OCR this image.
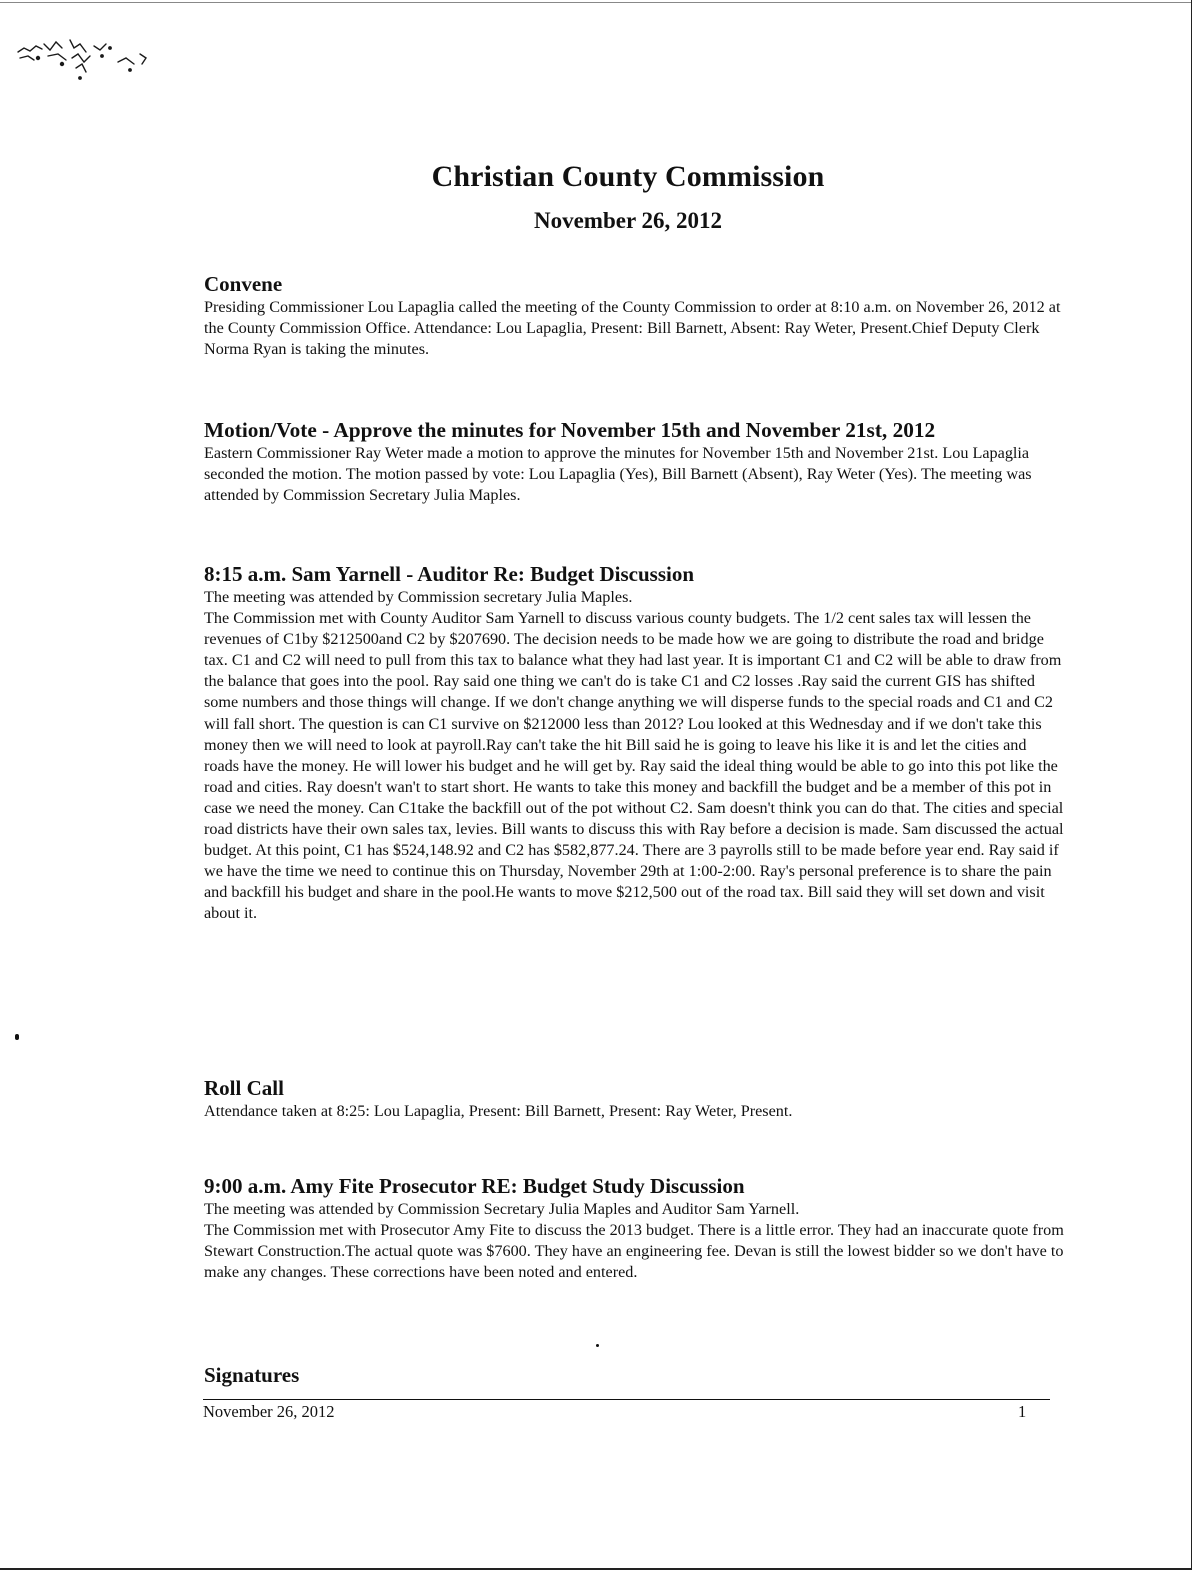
Christian County Commission
November 26, 2012
Convene

Presiding Commissioner Lou Lapaglia called the meeting of the County Commission to order at 8:10 a.m. on November 26, 2012 at the County Commission Office. Attendance: Lou Lapaglia, Present: Bill Barnett, Absent: Ray Weter, Present.Chief Deputy Clerk Norma Ryan is taking the minutes.

Motion/Vote - Approve the minutes for November 15th and November 21st, 2012

Eastern Commissioner Ray Weter made a motion to approve the minutes for November 15th and November 21st. Lou Lapaglia seconded the motion. The motion passed by vote: Lou Lapaglia (Yes), Bill Barnett (Absent), Ray Weter (Yes). The meeting was attended by Commission Secretary Julia Maples.

8:15 a.m. Sam Yarnell - Auditor Re: Budget Discussion

The meeting was attended by Commission secretary Julia Maples.

The Commission met with County Auditor Sam Yarnell to discuss various county budgets. The 1/2 cent sales tax will lessen the revenues of C1by $212500and C2 by $207690. The decision needs to be made how we are going to distribute the road and bridge tax. C1 and C2 will need to pull from this tax to balance what they had last year. It is important C1 and C2 will be able to draw from the balance that goes into the pool. Ray said one thing we can't do is take C1 and C2 losses .Ray said the current GIS has shifted some numbers and those things will change. If we don't change anything we will disperse funds to the special roads and C1 and C2 will fall short. The question is can C1 survive on $212000 less than 2012? Lou looked at this Wednesday and if we don't take this money then we will need to look at payroll.Ray can't take the hit Bill said he is going to leave his like it is and let the cities and roads have the money. He will lower his budget and he will get by. Ray said the ideal thing would be able to go into this pot like the road and cities. Ray doesn't wan't to start short. He wants to take this money and backfill the budget and be a member of this pot in case we need the money. Can C1take the backfill out of the pot without C2. Sam doesn't think you can do that. The cities and special road districts have their own sales tax, levies. Bill wants to discuss this with Ray before a decision is made. Sam discussed the actual budget. At this point, C1 has $524,148.92 and C2 has $582,877.24. There are 3 payrolls still to be made before year end. Ray said if we have the time we need to continue this on Thursday, November 29th at 1:00-2:00. Ray's personal preference is to share the pain and backfill his budget and share in the pool.He wants to move $212,500 out of the road tax. Bill said they will set down and visit about it.

Roll Call

Attendance taken at 8:25: Lou Lapaglia, Present: Bill Barnett, Present: Ray Weter, Present.

9:00 a.m. Amy Fite Prosecutor RE: Budget Study Discussion

The meeting was attended by Commission Secretary Julia Maples and Auditor Sam Yarnell.

The Commission met with Prosecutor Amy Fite to discuss the 2013 budget. There is a little error. They had an inaccurate quote from Stewart Construction.The actual quote was $7600. They have an engineering fee. Devan is still the lowest bidder so we don't have to make any changes. These corrections have been noted and entered.

Signatures
November 26, 2012	1
